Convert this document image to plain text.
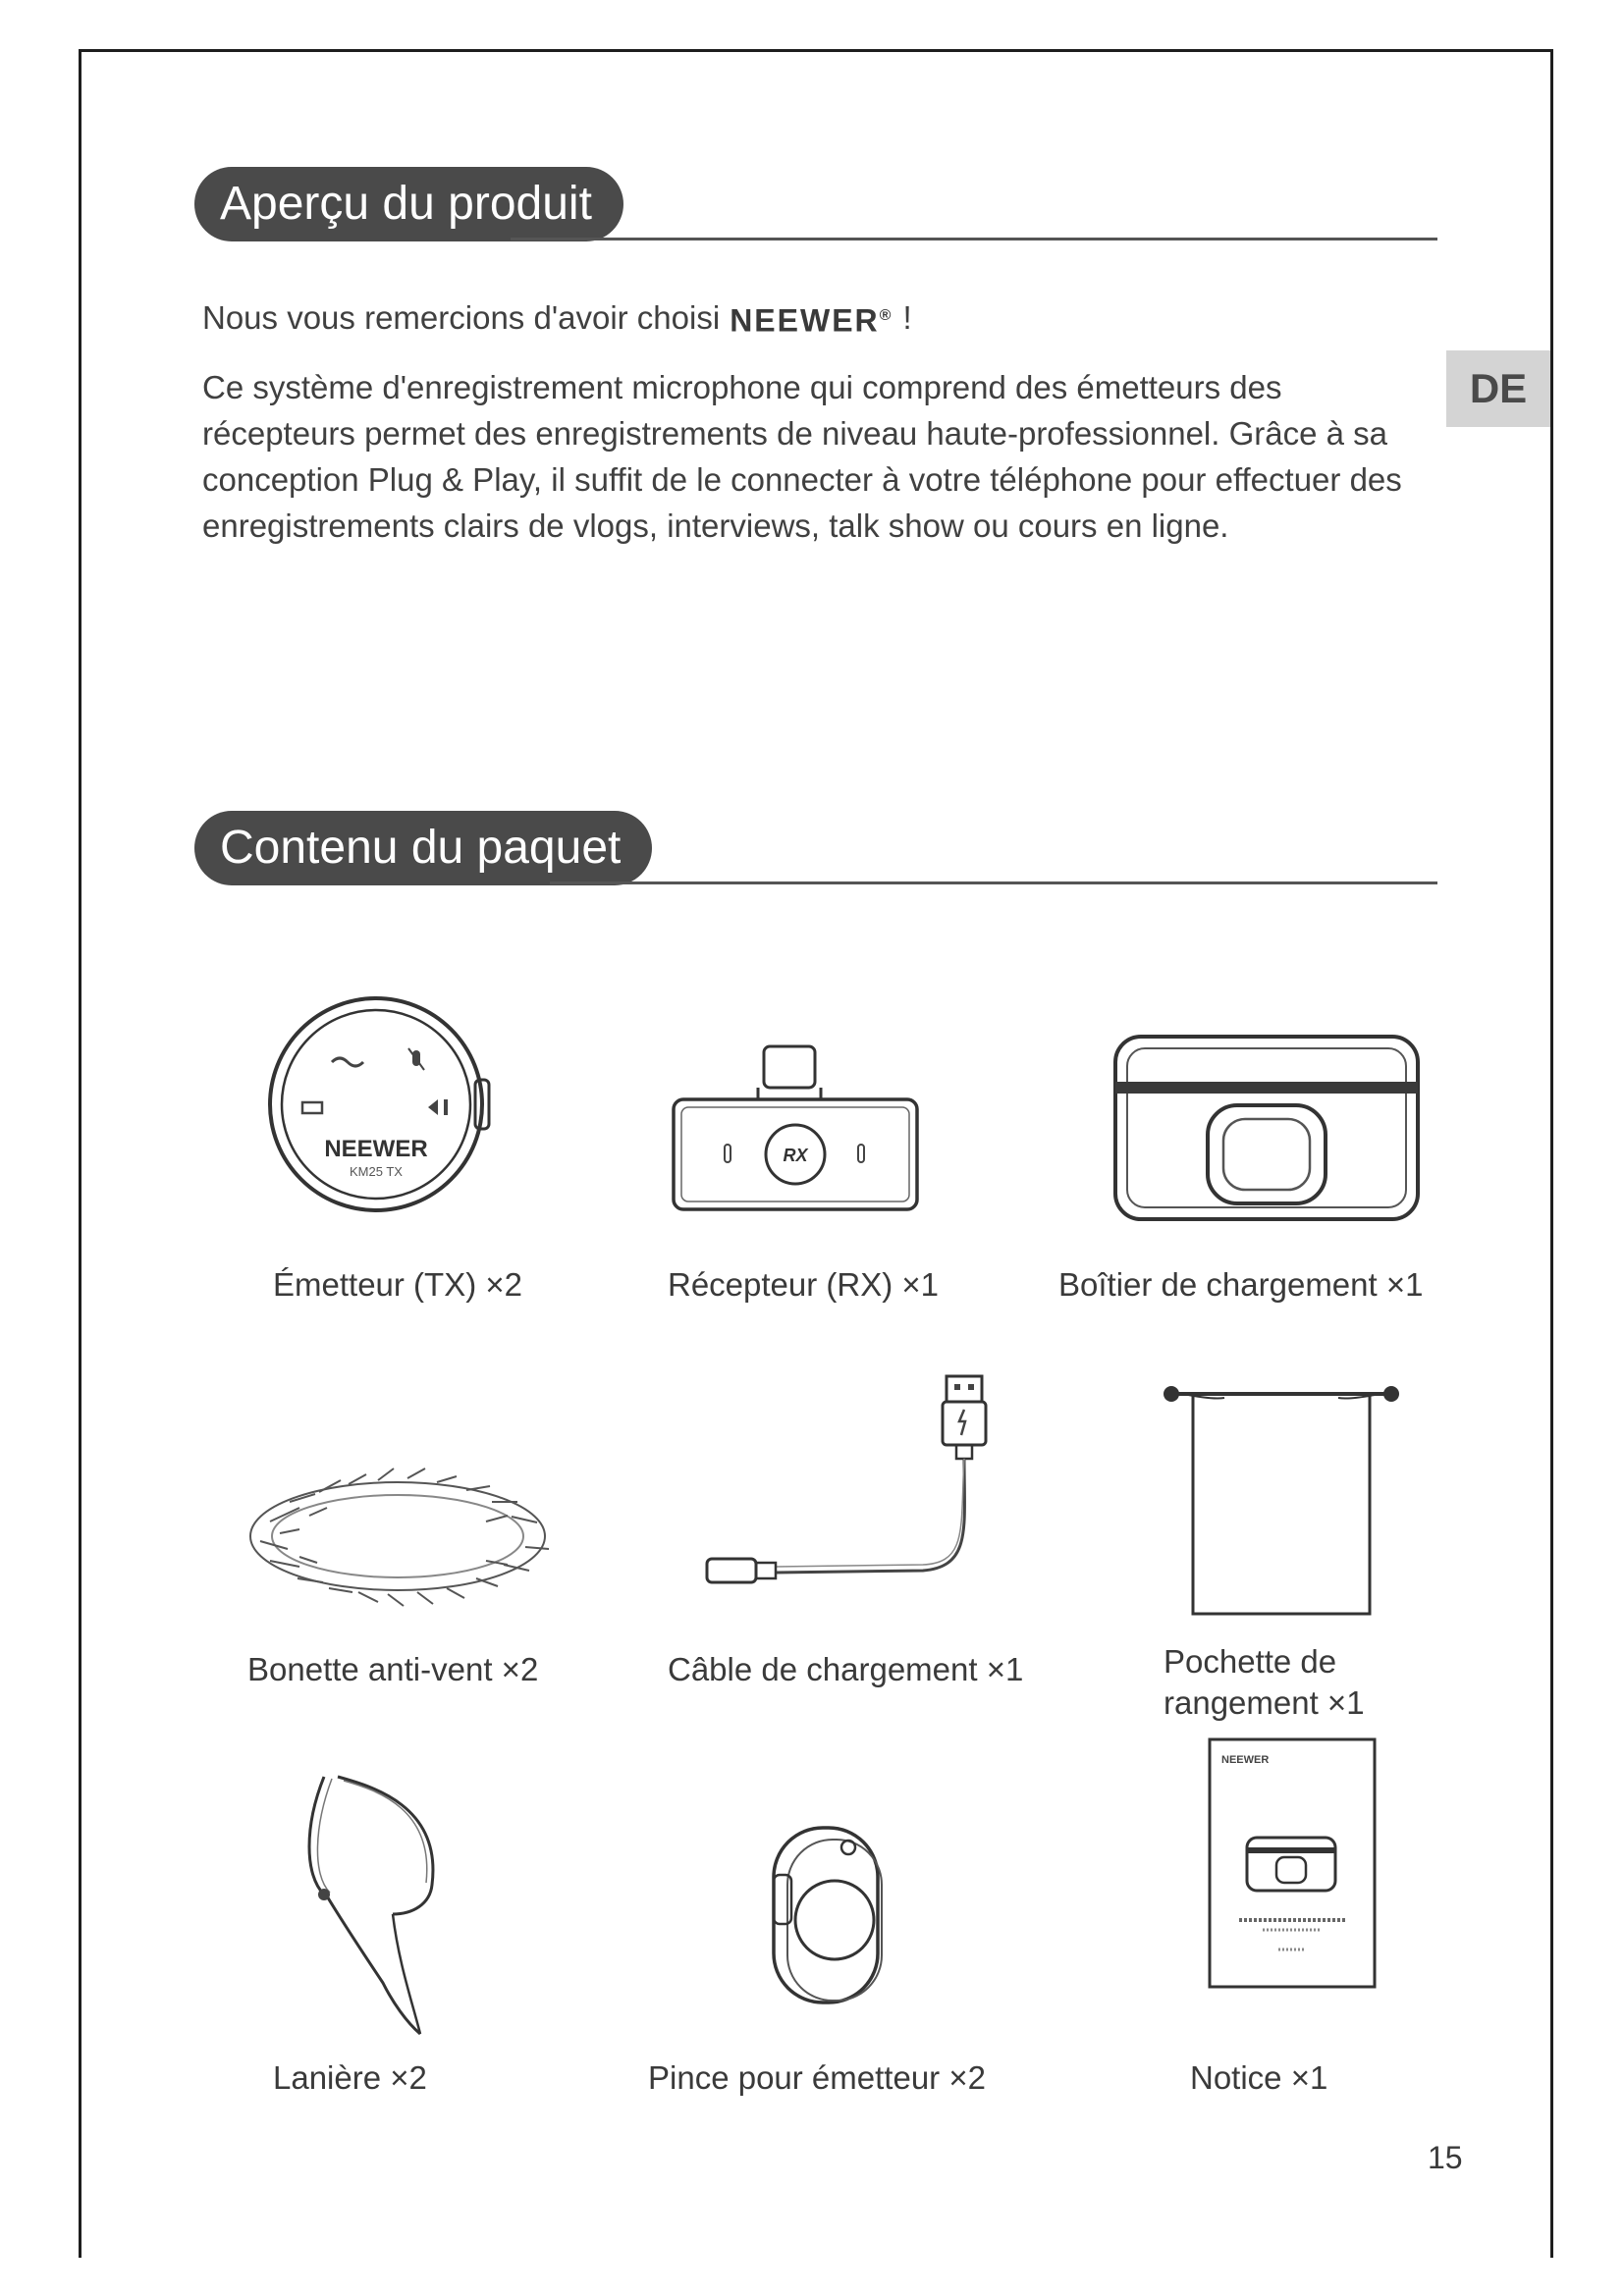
Aperçu du produit
DE
Nous vous remercions d'avoir choisi NEEWER® !

Ce système d'enregistrement microphone qui comprend des émetteurs des récepteurs permet des enregistrements de niveau haute-professionnel. Grâce à sa conception Plug & Play, il suffit de le connecter à votre téléphone pour effectuer des enregistrements clairs de vlogs, interviews, talk show ou cours en ligne.

Contenu du paquet
NEEWER
KM25 TX
Émetteur (TX) ×2
RX
Récepteur (RX) ×1	Boîtier de chargement ×1
Bonette anti-vent ×2	Câble de chargement ×1	Pochette de
rangement ×1
Lanière ×2	Pince pour émetteur ×2
NEEWER
Notice ×1
15
